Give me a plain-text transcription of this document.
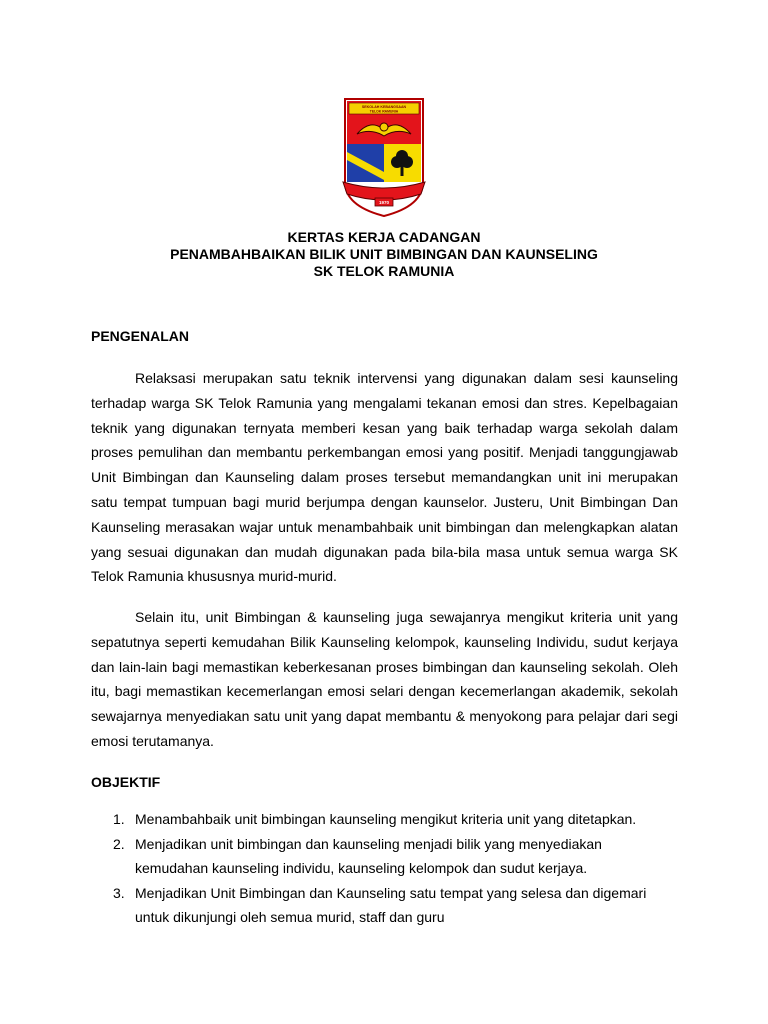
SEKOLAH KEBANGSAAN
TELOK RAMUNIA
1970
KERTAS KERJA CADANGAN
PENAMBAHBAIKAN BILIK UNIT BIMBINGAN DAN KAUNSELING
SK TELOK RAMUNIA
PENGENALAN

Relaksasi merupakan satu teknik intervensi yang digunakan dalam sesi kaunseling terhadap warga SK Telok Ramunia yang mengalami tekanan emosi dan stres. Kepelbagaian teknik yang digunakan ternyata memberi kesan yang baik terhadap warga sekolah dalam proses pemulihan dan membantu perkembangan emosi yang positif. Menjadi tanggungjawab Unit Bimbingan dan Kaunseling dalam proses tersebut memandangkan unit ini merupakan satu tempat tumpuan bagi murid berjumpa dengan kaunselor. Justeru, Unit Bimbingan Dan Kaunseling merasakan wajar untuk menambahbaik unit bimbingan dan melengkapkan alatan yang sesuai digunakan dan mudah digunakan pada bila-bila masa untuk semua warga SK Telok Ramunia khususnya murid-murid.

Selain itu, unit Bimbingan & kaunseling juga sewajanrya mengikut kriteria unit yang sepatutnya seperti kemudahan Bilik Kaunseling kelompok, kaunseling Individu, sudut kerjaya dan lain-lain bagi memastikan keberkesanan proses bimbingan dan kaunseling sekolah. Oleh itu, bagi memastikan kecemerlangan emosi selari dengan kecemerlangan akademik, sekolah sewajarnya menyediakan satu unit yang dapat membantu & menyokong para pelajar dari segi emosi terutamanya.

OBJEKTIF
1. Menambahbaik unit bimbingan kaunseling mengikut kriteria unit yang ditetapkan.
2. Menjadikan unit bimbingan dan kaunseling menjadi bilik yang menyediakan kemudahan kaunseling individu, kaunseling kelompok dan sudut kerjaya.
3. Menjadikan Unit Bimbingan dan Kaunseling satu tempat yang selesa dan digemari untuk dikunjungi oleh semua murid, staff dan guru
